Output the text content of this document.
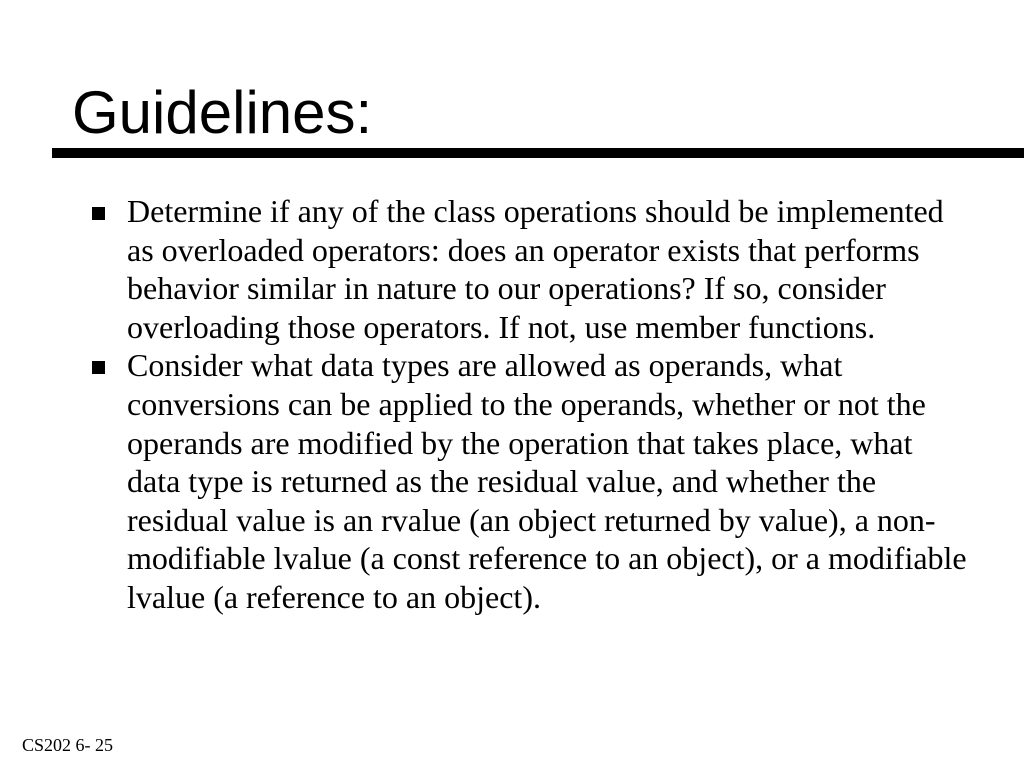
Guidelines:
Determine if any of the class operations should be implemented as overloaded operators: does an operator exists that performs behavior similar in nature to our operations? If so, consider overloading those operators. If not, use member functions.
Consider what data types are allowed as operands, what conversions can be applied to the operands, whether or not the operands are modified by the operation that takes place, what data type is returned as the residual value, and whether the residual value is an rvalue (an object returned by value), a non-modifiable lvalue (a const reference to an object), or a modifiable lvalue (a reference to an object).
CS202 6- 25
